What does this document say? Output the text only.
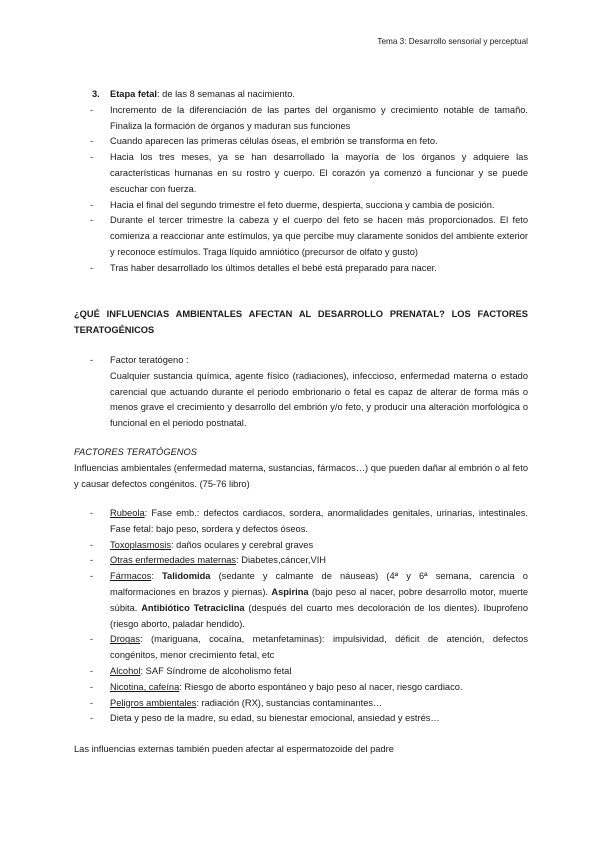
Tema 3: Desarrollo sensorial y perceptual
3. Etapa fetal: de las 8 semanas al nacimiento.
- Incremento de la diferenciación de las partes del organismo y crecimiento notable de tamaño. Finaliza la formación de órganos y maduran sus funciones
- Cuando aparecen las primeras células óseas, el embrión se transforma en feto.
- Hacia los tres meses, ya se han desarrollado la mayoría de los órganos y adquiere las características humanas en su rostro y cuerpo. El corazón ya comenzó a funcionar y se puede escuchar con fuerza.
- Hacia el final del segundo trimestre el feto duerme, despierta, succiona y cambia de posición.
- Durante el tercer trimestre la cabeza y el cuerpo del feto se hacen más proporcionados. El feto comienza a reaccionar ante estímulos, ya que percibe muy claramente sonidos del ambiente exterior y reconoce estímulos. Traga líquido amniótico (precursor de olfato y gusto)
- Tras haber desarrollado los últimos detalles el bebé está preparado para nacer.
¿QUÉ INFLUENCIAS AMBIENTALES AFECTAN AL DESARROLLO PRENATAL? LOS FACTORES TERATOGÉNICOS
- Factor teratógeno :

Cualquier sustancia química, agente físico (radiaciones), infeccioso, enfermedad materna o estado carencial que actuando durante el periodo embrionario o fetal es capaz de alterar de forma más o menos grave el crecimiento y desarrollo del embrión y/o feto, y producir una alteración morfológica o funcional en el periodo postnatal.

FACTORES TERATÓGENOS

Influencias ambientales (enfermedad materna, sustancias, fármacos…) que pueden dañar al embrión o al feto y causar defectos congénitos. (75-76 libro)

- Rubeola: Fase emb.: defectos cardiacos, sordera, anormalidades genitales, urinarias, intestinales. Fase fetal: bajo peso, sordera y defectos óseos.
- Toxoplasmosis: daños oculares y cerebral graves
- Otras enfermedades maternas: Diabetes,cáncer,VIH
- Fármacos: Talidomida (sedante y calmante de náuseas) (4ª y 6ª semana, carencia o malformaciones en brazos y piernas). Aspirina (bajo peso al nacer, pobre desarrollo motor, muerte súbita. Antibiótico Tetraciclina (después del cuarto mes decoloración de los dientes). Ibuprofeno (riesgo aborto, paladar hendido).
- Drogas: (mariguana, cocaína, metanfetaminas): impulsividad, déficit de atención, defectos congénitos, menor crecimiento fetal, etc
- Alcohol: SAF Síndrome de alcoholismo fetal
- Nicotina, cafeína: Riesgo de aborto espontáneo y bajo peso al nacer, riesgo cardiaco.
- Peligros ambientales: radiación (RX), sustancias contaminantes…
- Dieta y peso de la madre, su edad, su bienestar emocional, ansiedad y estrés…
Las influencias externas también pueden afectar al espermatozoide del padre
